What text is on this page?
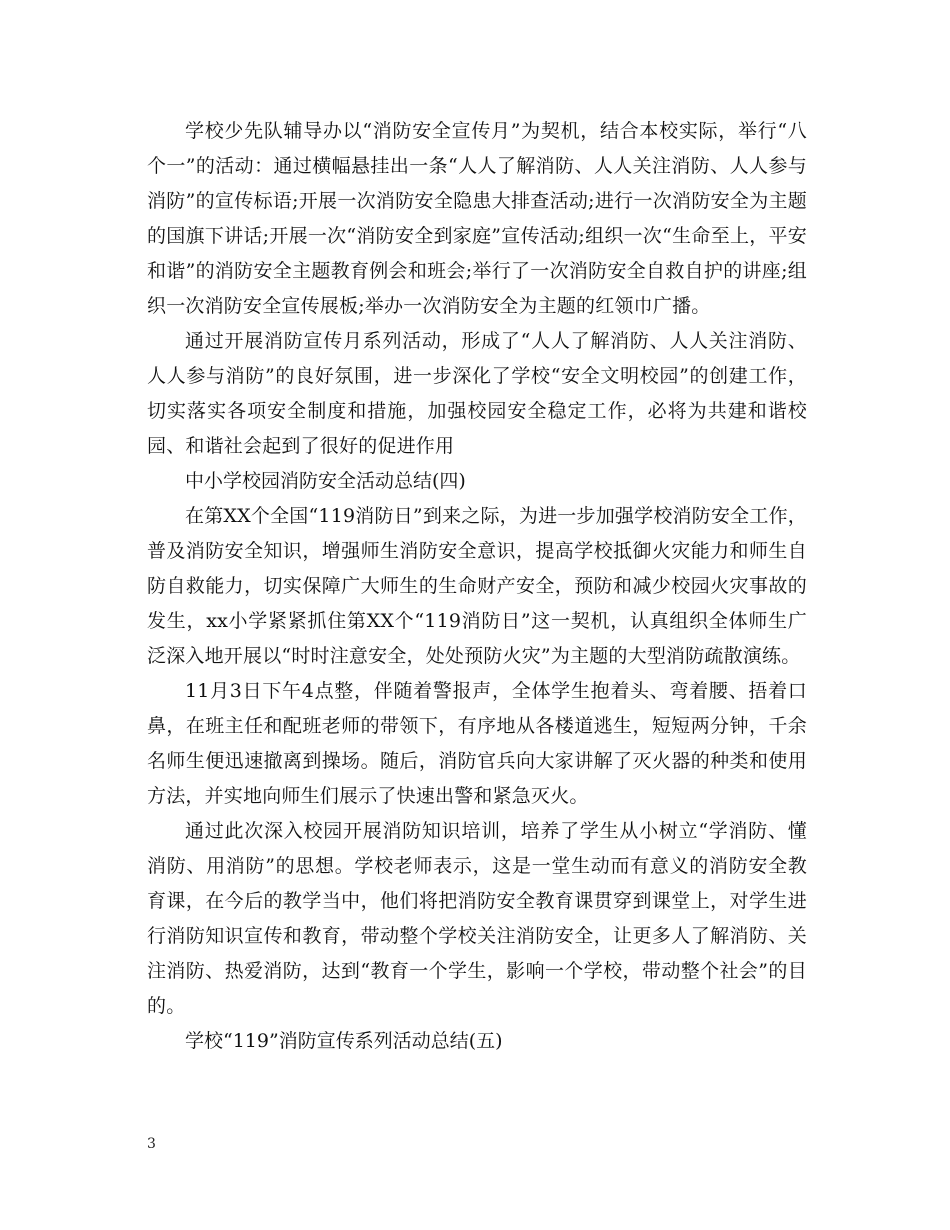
学校少先队辅导办以“消防安全宣传月”为契机，结合本校实际，举行“八个一”的活动：通过横幅悬挂出一条“人人了解消防、人人关注消防、人人参与消防”的宣传标语;开展一次消防安全隐患大排查活动;进行一次消防安全为主题的国旗下讲话;开展一次“消防安全到家庭”宣传活动;组织一次“生命至上，平安和谐”的消防安全主题教育例会和班会;举行了一次消防安全自救自护的讲座;组织一次消防安全宣传展板;举办一次消防安全为主题的红领巾广播。

通过开展消防宣传月系列活动，形成了“人人了解消防、人人关注消防、人人参与消防”的良好氛围，进一步深化了学校“安全文明校园”的创建工作，切实落实各项安全制度和措施，加强校园安全稳定工作，必将为共建和谐校园、和谐社会起到了很好的促进作用

中小学校园消防安全活动总结(四)

在第XX个全国“119消防日”到来之际，为进一步加强学校消防安全工作，普及消防安全知识，增强师生消防安全意识，提高学校抵御火灾能力和师生自防自救能力，切实保障广大师生的生命财产安全，预防和减少校园火灾事故的发生，xx小学紧紧抓住第XX个“119消防日”这一契机，认真组织全体师生广泛深入地开展以“时时注意安全，处处预防火灾”为主题的大型消防疏散演练。

11月3日下午4点整，伴随着警报声，全体学生抱着头、弯着腰、捂着口鼻，在班主任和配班老师的带领下，有序地从各楼道逃生，短短两分钟，千余名师生便迅速撤离到操场。随后，消防官兵向大家讲解了灭火器的种类和使用方法，并实地向师生们展示了快速出警和紧急灭火。

通过此次深入校园开展消防知识培训，培养了学生从小树立“学消防、懂消防、用消防”的思想。学校老师表示，这是一堂生动而有意义的消防安全教育课，在今后的教学当中，他们将把消防安全教育课贯穿到课堂上，对学生进行消防知识宣传和教育，带动整个学校关注消防安全，让更多人了解消防、关注消防、热爱消防，达到“教育一个学生，影响一个学校，带动整个社会”的目的。

学校“119”消防宣传系列活动总结(五)

3
